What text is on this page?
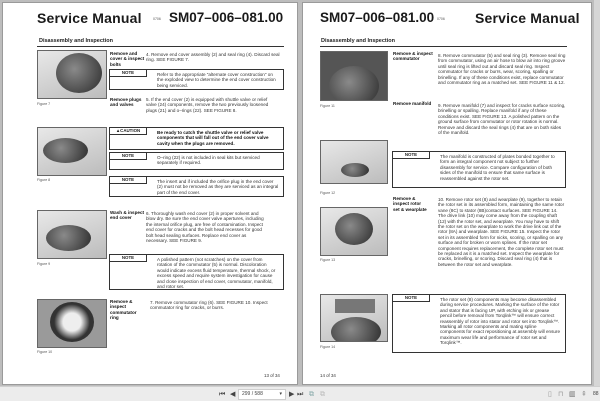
Service Manual	0706 SM07–006–081.00
Disassembly and Inspection
Figure 7
Remove and cover & inspect bolts
4. Remove end cover assembly (2) and seal ring (4). Discard seal ring. SEE FIGURE 7.
NOTE	Refer to the appropriate "alternate cover construction" on the exploded view to determine the end cover construction being serviced.
Remove plugs and valves
5. If the end cover (2) is equipped with shuttle valve or relief valve (24) components, remove the two previously loosened plugs (21) and o–rings (22). SEE FIGURE 8.
Figure 8
▲CAUTION	Be ready to catch the shuttle valve or relief valve components that will fall out of the end cover valve cavity when the plugs are removed.
NOTE	O–ring (22) is not included in seal kits but serviced separately if required.
NOTE	The insert and if included the orifice plug in the end cover (2) must not be removed as they are serviced as an integral part of the end cover.
Figure 9
Wash & inspect end cover
6. Thoroughly wash end cover (2) in proper solvent and blow dry. Be sure the end cover valve apertures, including the internal orifice plug, are free of contamination. Inspect end cover for cracks and the bolt head recesses for good bolt head sealing surfaces. Replace end cover as necessary. SEE FIGURE 9.
NOTE	A polished pattern (not scratches) on the cover from rotation of the commutator (5) is normal. Discoloration would indicate excess fluid temperature, thermal shock, or excess speed and require system investigation for cause and close inspection of end cover, commutator, manifold, and rotor set.
Figure 10
Remove & inspect commutator ring
7. Remove commutator ring (6). SEE FIGURE 10. Inspect commutator ring for cracks, or burrs.
13 of 34
SM07–006–081.00 0706 Service Manual
Disassembly and Inspection
Figure 11
Remove & inspect commutator
8. Remove commutator (5) and seal ring (3). Remove seal ring from commutator, using an air hose to blow air into ring groove until seal ring is lifted out and discard seal ring. Inspect commutator for cracks or burrs, wear, scoring, spalling or brinelling. If any of these conditions exist, replace commutator and commutator ring as a matched set. SEE FIGURE 11 & 12.
Remove manifold	9. Remove manifold (7) and inspect for cracks surface scoring, brinelling or spalling. Replace manifold if any of these conditions exist. SEE FIGURE 13. A polished pattern on the ground surface from commutator or rotor rotation is normal. Remove and discard the seal rings (4) that are on both sides of the manifold.
Figure 12
NOTE	The manifold is constructed of plates bonded together to form an integral component not subject to further disassembly for service. Compare configuration of both sides of the manifold to ensure that same surface is reassembled against the rotor set.
Remove & inspect rotor set & wearplate
10. Remove rotor set (8) and wearplate (9), together to retain the rotor set in its assembled form, maintaining the same rotor vane (8C) to stator (8B)contact surfaces. SEE FIGURE 14. The drive link (10) may come away from the coupling shaft (12) with the rotor set, and wearplate. You may have to shift the rotor set on the wearplate to work the drive link out of the rotor (8A) and wearplate. SEE FIGURE 15. Inspect the rotor set in its assembled form for nicks, scoring, or spalling on any surface and for broken or worn splines. If the rotor set component requires replacement, the complete rotor set must be replaced as it is a matched set. Inspect the wearplate for cracks, brinelling, or scoring. Discard seal ring (4) that is between the rotor set and wearplate.
Figure 13
Figure 14
NOTE	The rotor set (8) components may become disassembled during service procedures. Marking the surface of the rotor and stator that is facing UP, with etching ink or grease pencil before removal from Torqlink™ will ensure correct reassembly of rotor into stator and rotor set into Torqlink™. Marking all rotor components and mating spline components for exact repositioning at assembly will ensure maximum wear life and performance of rotor set and Torqlink™.
14 of 34
⏮ ◀	299 / 588	▾ ▶ ⏭ ⧉ ⧉	▯ ⊓ ▥ ⇞ 88
